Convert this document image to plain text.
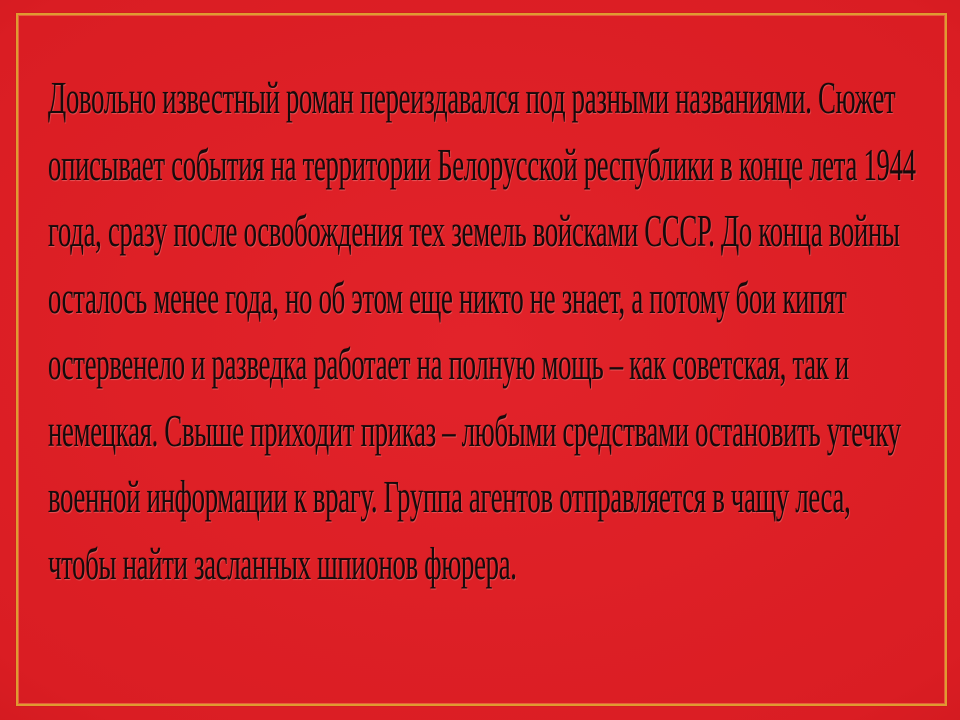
Довольно известный роман переиздавался под разными названиями. Сюжет
описывает события на территории Белорусской республики в конце лета 1944
года, сразу после освобождения тех земель войсками СССР. До конца войны
осталось менее года, но об этом еще никто не знает, а потому бои кипят
остервенело и разведка работает на полную мощь – как советская, так и
немецкая. Свыше приходит приказ – любыми средствами остановить утечку
военной информации к врагу. Группа агентов отправляется в чащу леса,
чтобы найти засланных шпионов фюрера.
